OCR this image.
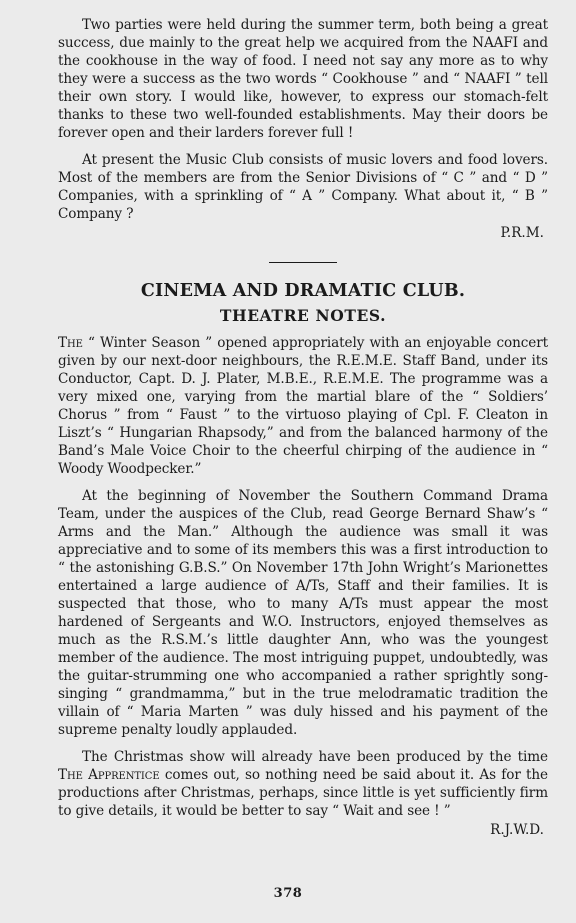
Two parties were held during the summer term, both being a great success, due mainly to the great help we acquired from the NAAFI and the cookhouse in the way of food. I need not say any more as to why they were a success as the two words “ Cookhouse ” and “ NAAFI ” tell their own story. I would like, however, to express our stomach-felt thanks to these two well-founded establishments. May their doors be forever open and their larders forever full !

At present the Music Club consists of music lovers and food lovers. Most of the members are from the Senior Divisions of “ C ” and “ D ” Companies, with a sprinkling of “ A ” Company. What about it, “ B ” Company ?

P.R.M.
CINEMA AND DRAMATIC CLUB.
THEATRE NOTES.

The “ Winter Season ” opened appropriately with an enjoyable concert given by our next-door neighbours, the R.E.M.E. Staff Band, under its Conductor, Capt. D. J. Plater, M.B.E., R.E.M.E. The programme was a very mixed one, varying from the martial blare of the “ Soldiers’ Chorus ” from “ Faust ” to the virtuoso playing of Cpl. F. Cleaton in Liszt’s “ Hungarian Rhapsody,” and from the balanced harmony of the Band’s Male Voice Choir to the cheerful chirping of the audience in “ Woody Woodpecker.”

At the beginning of November the Southern Command Drama Team, under the auspices of the Club, read George Bernard Shaw’s “ Arms and the Man.” Although the audience was small it was appreciative and to some of its members this was a first introduction to “ the astonishing G.B.S.” On November 17th John Wright’s Marionettes entertained a large audience of A/Ts, Staff and their families. It is suspected that those, who to many A/Ts must appear the most hardened of Sergeants and W.O. Instructors, enjoyed themselves as much as the R.S.M.’s little daughter Ann, who was the youngest member of the audience. The most intriguing puppet, undoubtedly, was the guitar-strumming one who accompanied a rather sprightly song-singing “ grandmamma,” but in the true melodramatic tradition the villain of “ Maria Marten ” was duly hissed and his payment of the supreme penalty loudly applauded.

The Christmas show will already have been produced by the time The Apprentice comes out, so nothing need be said about it. As for the productions after Christmas, perhaps, since little is yet sufficiently firm to give details, it would be better to say “ Wait and see ! ”

R.J.W.D.
378
